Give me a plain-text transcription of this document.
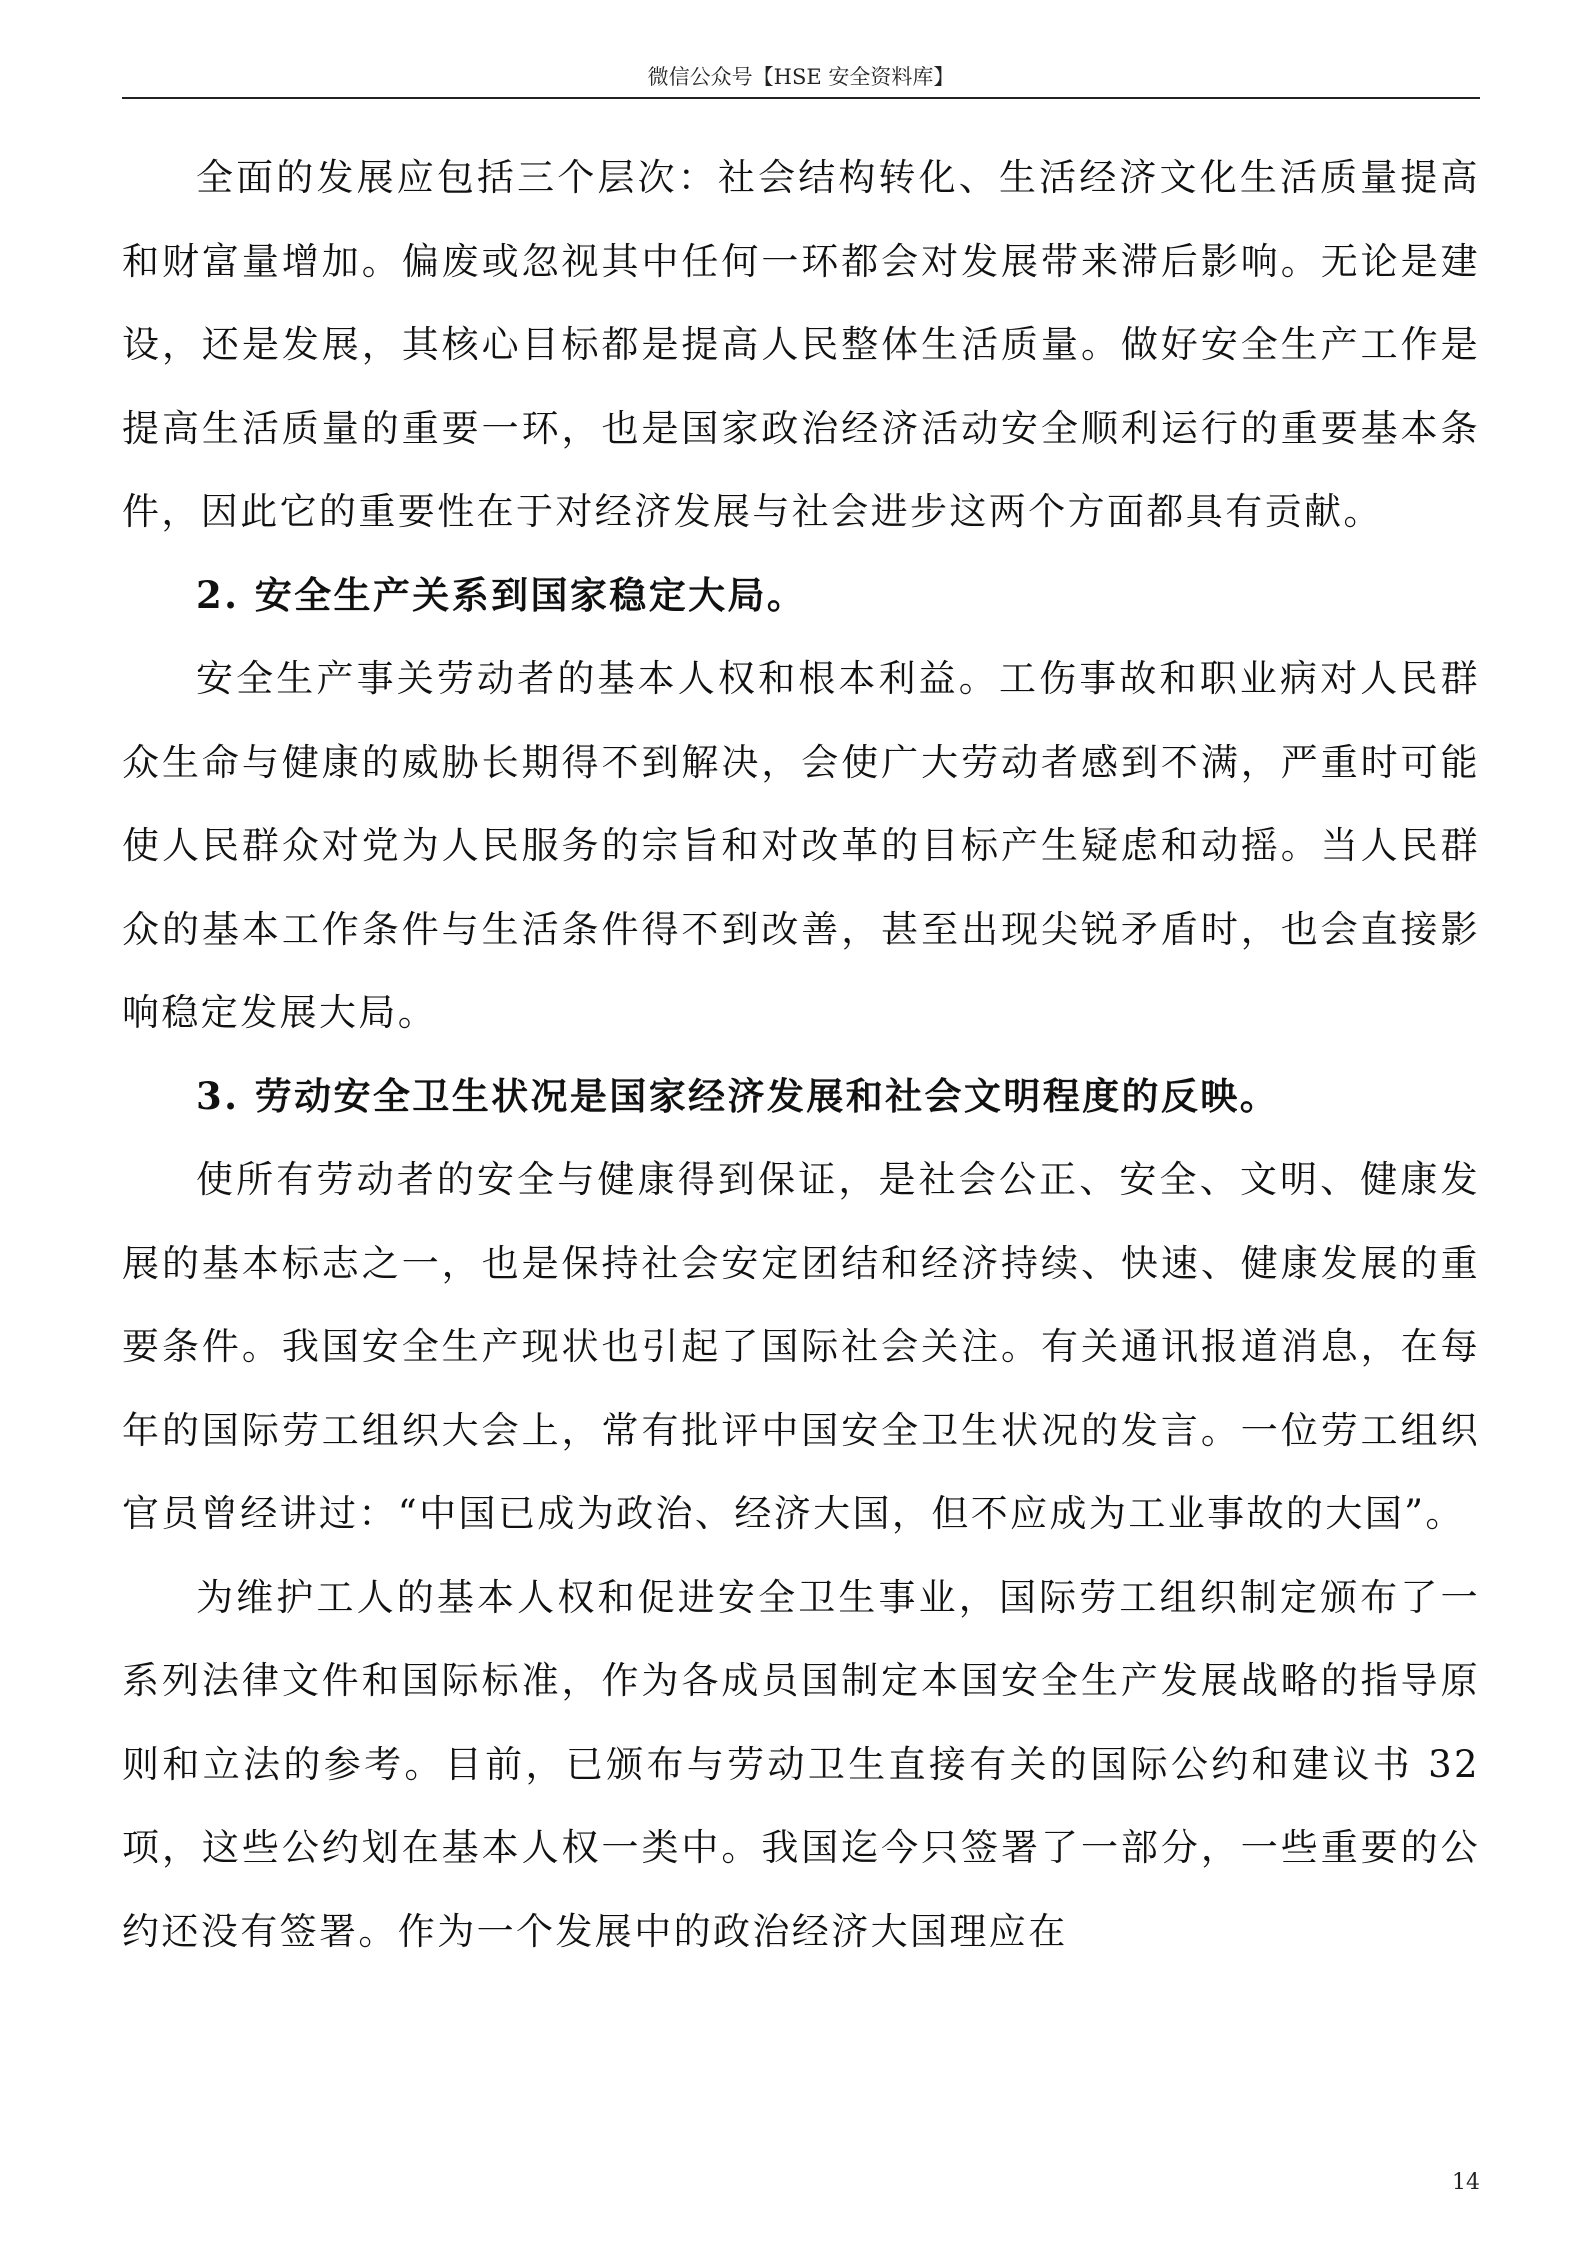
微信公众号【HSE 安全资料库】

全面的发展应包括三个层次：社会结构转化、生活经济文化生活质量提高和财富量增加。偏废或忽视其中任何一环都会对发展带来滞后影响。无论是建设，还是发展，其核心目标都是提高人民整体生活质量。做好安全生产工作是提高生活质量的重要一环，也是国家政治经济活动安全顺利运行的重要基本条件，因此它的重要性在于对经济发展与社会进步这两个方面都具有贡献。

2. 安全生产关系到国家稳定大局。

安全生产事关劳动者的基本人权和根本利益。工伤事故和职业病对人民群众生命与健康的威胁长期得不到解决，会使广大劳动者感到不满，严重时可能使人民群众对党为人民服务的宗旨和对改革的目标产生疑虑和动摇。当人民群众的基本工作条件与生活条件得不到改善，甚至出现尖锐矛盾时，也会直接影响稳定发展大局。

3. 劳动安全卫生状况是国家经济发展和社会文明程度的反映。

使所有劳动者的安全与健康得到保证，是社会公正、安全、文明、健康发展的基本标志之一，也是保持社会安定团结和经济持续、快速、健康发展的重要条件。我国安全生产现状也引起了国际社会关注。有关通讯报道消息，在每年的国际劳工组织大会上，常有批评中国安全卫生状况的发言。一位劳工组织官员曾经讲过：“中国已成为政治、经济大国，但不应成为工业事故的大国”。

为维护工人的基本人权和促进安全卫生事业，国际劳工组织制定颁布了一系列法律文件和国际标准，作为各成员国制定本国安全生产发展战略的指导原则和立法的参考。目前，已颁布与劳动卫生直接有关的国际公约和建议书 32 项，这些公约划在基本人权一类中。我国迄今只签署了一部分，一些重要的公约还没有签署。作为一个发展中的政治经济大国理应在

14
